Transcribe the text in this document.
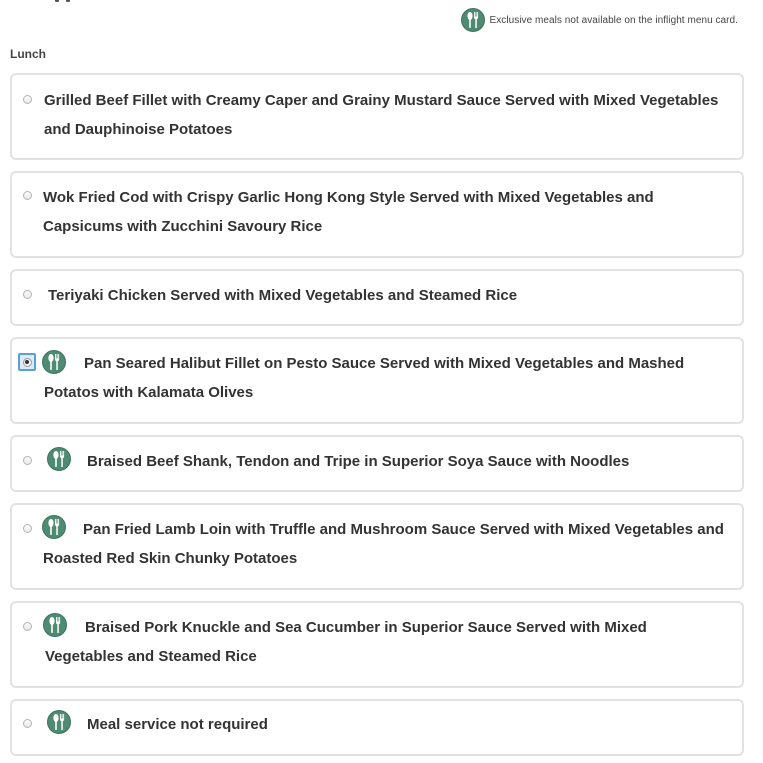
Exclusive meals not available on the inflight menu card.
Lunch
Grilled Beef Fillet with Creamy Caper and Grainy Mustard Sauce Served with Mixed Vegetables and Dauphinoise Potatoes
Wok Fried Cod with Crispy Garlic Hong Kong Style Served with Mixed Vegetables and Capsicums with Zucchini Savoury Rice
Teriyaki Chicken Served with Mixed Vegetables and Steamed Rice
Pan Seared Halibut Fillet on Pesto Sauce Served with Mixed Vegetables and Mashed Potatos with Kalamata Olives
Braised Beef Shank, Tendon and Tripe in Superior Soya Sauce with Noodles
Pan Fried Lamb Loin with Truffle and Mushroom Sauce Served with Mixed Vegetables and Roasted Red Skin Chunky Potatoes
Braised Pork Knuckle and Sea Cucumber in Superior Sauce Served with Mixed Vegetables and Steamed Rice
Meal service not required
